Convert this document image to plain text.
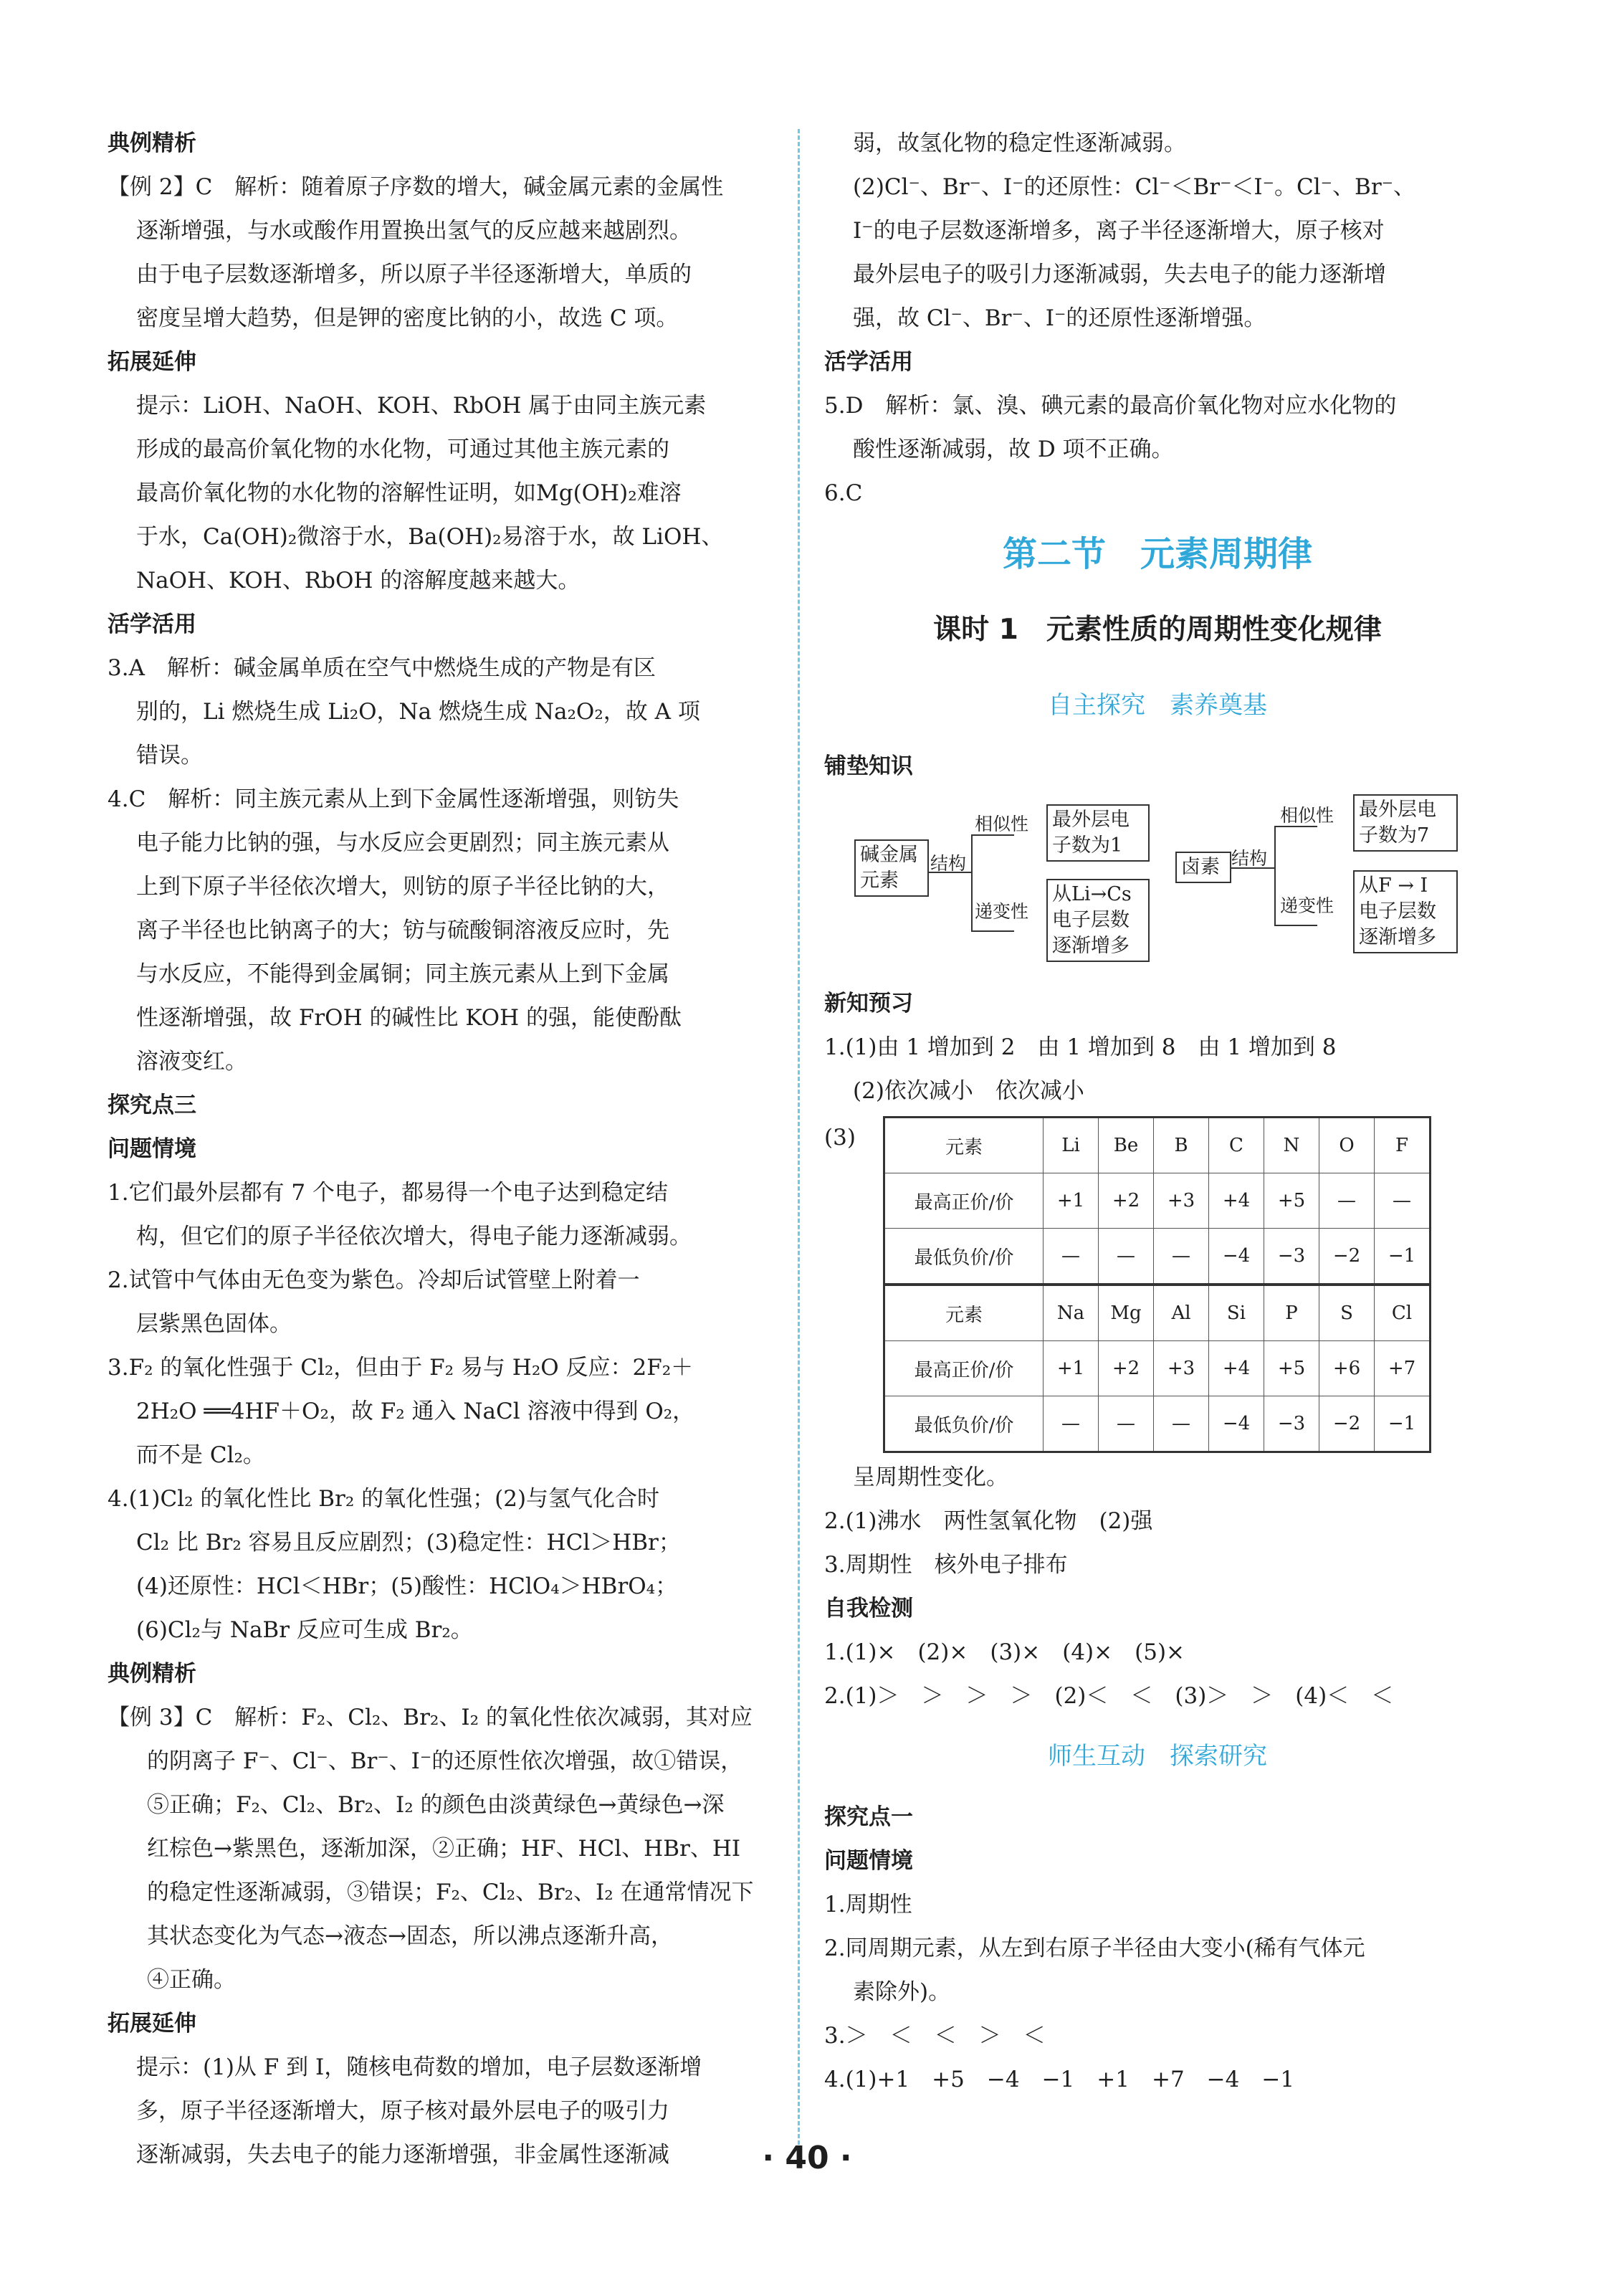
典例精析
【例 2】C　解析：随着原子序数的增大，碱金属元素的金属性
逐渐增强，与水或酸作用置换出氢气的反应越来越剧烈。
由于电子层数逐渐增多，所以原子半径逐渐增大，单质的
密度呈增大趋势，但是钾的密度比钠的小，故选 C 项。
拓展延伸
提示：LiOH、NaOH、KOH、RbOH 属于由同主族元素
形成的最高价氧化物的水化物，可通过其他主族元素的
最高价氧化物的水化物的溶解性证明，如Mg(OH)₂难溶
于水，Ca(OH)₂微溶于水，Ba(OH)₂易溶于水，故 LiOH、
NaOH、KOH、RbOH 的溶解度越来越大。
活学活用
3.A　解析：碱金属单质在空气中燃烧生成的产物是有区
别的，Li 燃烧生成 Li₂O，Na 燃烧生成 Na₂O₂，故 A 项
错误。
4.C　解析：同主族元素从上到下金属性逐渐增强，则钫失
电子能力比钠的强，与水反应会更剧烈；同主族元素从
上到下原子半径依次增大，则钫的原子半径比钠的大，
离子半径也比钠离子的大；钫与硫酸铜溶液反应时，先
与水反应，不能得到金属铜；同主族元素从上到下金属
性逐渐增强，故 FrOH 的碱性比 KOH 的强，能使酚酞
溶液变红。
探究点三
问题情境
1.它们最外层都有 7 个电子，都易得一个电子达到稳定结
构，但它们的原子半径依次增大，得电子能力逐渐减弱。
2.试管中气体由无色变为紫色。冷却后试管壁上附着一
层紫黑色固体。
3.F₂ 的氧化性强于 Cl₂，但由于 F₂ 易与 H₂O 反应：2F₂＋
2H₂O ══4HF＋O₂，故 F₂ 通入 NaCl 溶液中得到 O₂，
而不是 Cl₂。
4.(1)Cl₂ 的氧化性比 Br₂ 的氧化性强；(2)与氢气化合时
Cl₂ 比 Br₂ 容易且反应剧烈；(3)稳定性：HCl＞HBr；
(4)还原性：HCl＜HBr；(5)酸性：HClO₄＞HBrO₄；
(6)Cl₂与 NaBr 反应可生成 Br₂。
典例精析
【例 3】C　解析：F₂、Cl₂、Br₂、I₂ 的氧化性依次减弱，其对应
的阴离子 F⁻、Cl⁻、Br⁻、I⁻的还原性依次增强，故①错误，
⑤正确；F₂、Cl₂、Br₂、I₂ 的颜色由淡黄绿色→黄绿色→深
红棕色→紫黑色，逐渐加深，②正确；HF、HCl、HBr、HI
的稳定性逐渐减弱，③错误；F₂、Cl₂、Br₂、I₂ 在通常情况下
其状态变化为气态→液态→固态，所以沸点逐渐升高，
④正确。
拓展延伸
提示：(1)从 F 到 I，随核电荷数的增加，电子层数逐渐增
多，原子半径逐渐增大，原子核对最外层电子的吸引力
逐渐减弱，失去电子的能力逐渐增强，非金属性逐渐减
弱，故氢化物的稳定性逐渐减弱。
(2)Cl⁻、Br⁻、I⁻的还原性：Cl⁻＜Br⁻＜I⁻。Cl⁻、Br⁻、
I⁻的电子层数逐渐增多，离子半径逐渐增大，原子核对
最外层电子的吸引力逐渐减弱，失去电子的能力逐渐增
强，故 Cl⁻、Br⁻、I⁻的还原性逐渐增强。
活学活用
5.D　解析：氯、溴、碘元素的最高价氧化物对应水化物的
酸性逐渐减弱，故 D 项不正确。
6.C
第二节　元素周期律
课时 1　元素性质的周期性变化规律
自主探究　素养奠基
铺垫知识
碱金属
元素
结构
相似性
递变性
最外层电
子数为1
从Li→Cs
电子层数
逐渐增多
卤素 结构
相似性
递变性
最外层电
子数为7
从F → I
电子层数
逐渐增多
新知预习
1.(1)由 1 增加到 2　由 1 增加到 8　由 1 增加到 8
(2)依次减小　依次减小
(3)	元素	Li	Be	B	C	N	O	F
最高正价/价	+1	+2	+3	+4	+5	—	—
最低负价/价	—	—	—	−4	−3	−2	−1
元素	Na	Mg	Al	Si	P	S	Cl
最高正价/价	+1	+2	+3	+4	+5	+6	+7
最低负价/价	—	—	—	−4	−3	−2	−1
呈周期性变化。
2.(1)沸水　两性氢氧化物　(2)强
3.周期性　核外电子排布
自我检测
1.(1)×　(2)×　(3)×　(4)×　(5)×
2.(1)＞　＞　＞　＞　(2)＜　＜　(3)＞　＞　(4)＜　＜
师生互动　探索研究
探究点一
问题情境
1.周期性
2.同周期元素，从左到右原子半径由大变小(稀有气体元
素除外)。
3.＞　＜　＜　＞　＜
4.(1)+1　+5　−4　−1　+1　+7　−4　−1
· 40 ·
